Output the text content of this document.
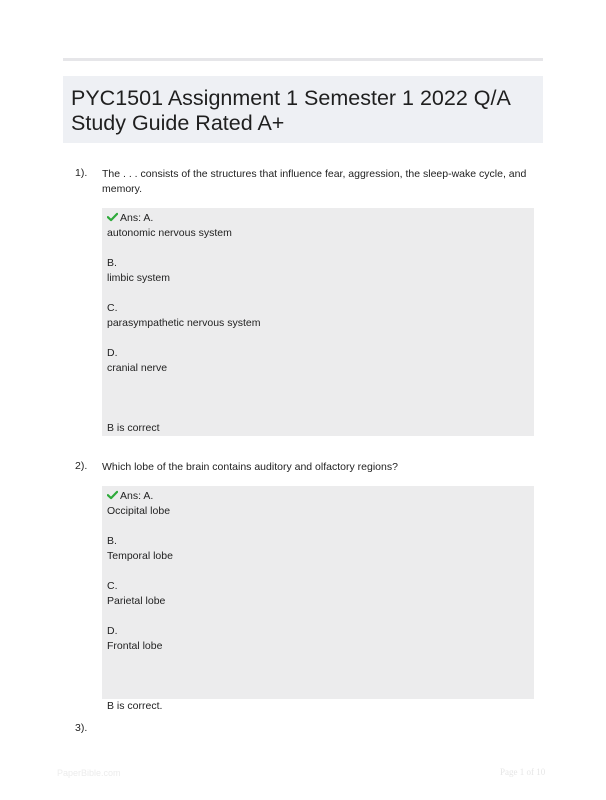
PYC1501 Assignment 1 Semester 1 2022 Q/A Study Guide Rated A+
1). The . . . consists of the structures that influence fear, aggression, the sleep-wake cycle, and memory.
Ans: A.
autonomic nervous system
B.
limbic system
C.
parasympathetic nervous system
D.
cranial nerve
B is correct
2). Which lobe of the brain contains auditory and olfactory regions?
Ans: A.
Occipital lobe
B.
Temporal lobe
C.
Parietal lobe
D.
Frontal lobe
B is correct.
3).
PaperBible.com	Page 1 of 10
